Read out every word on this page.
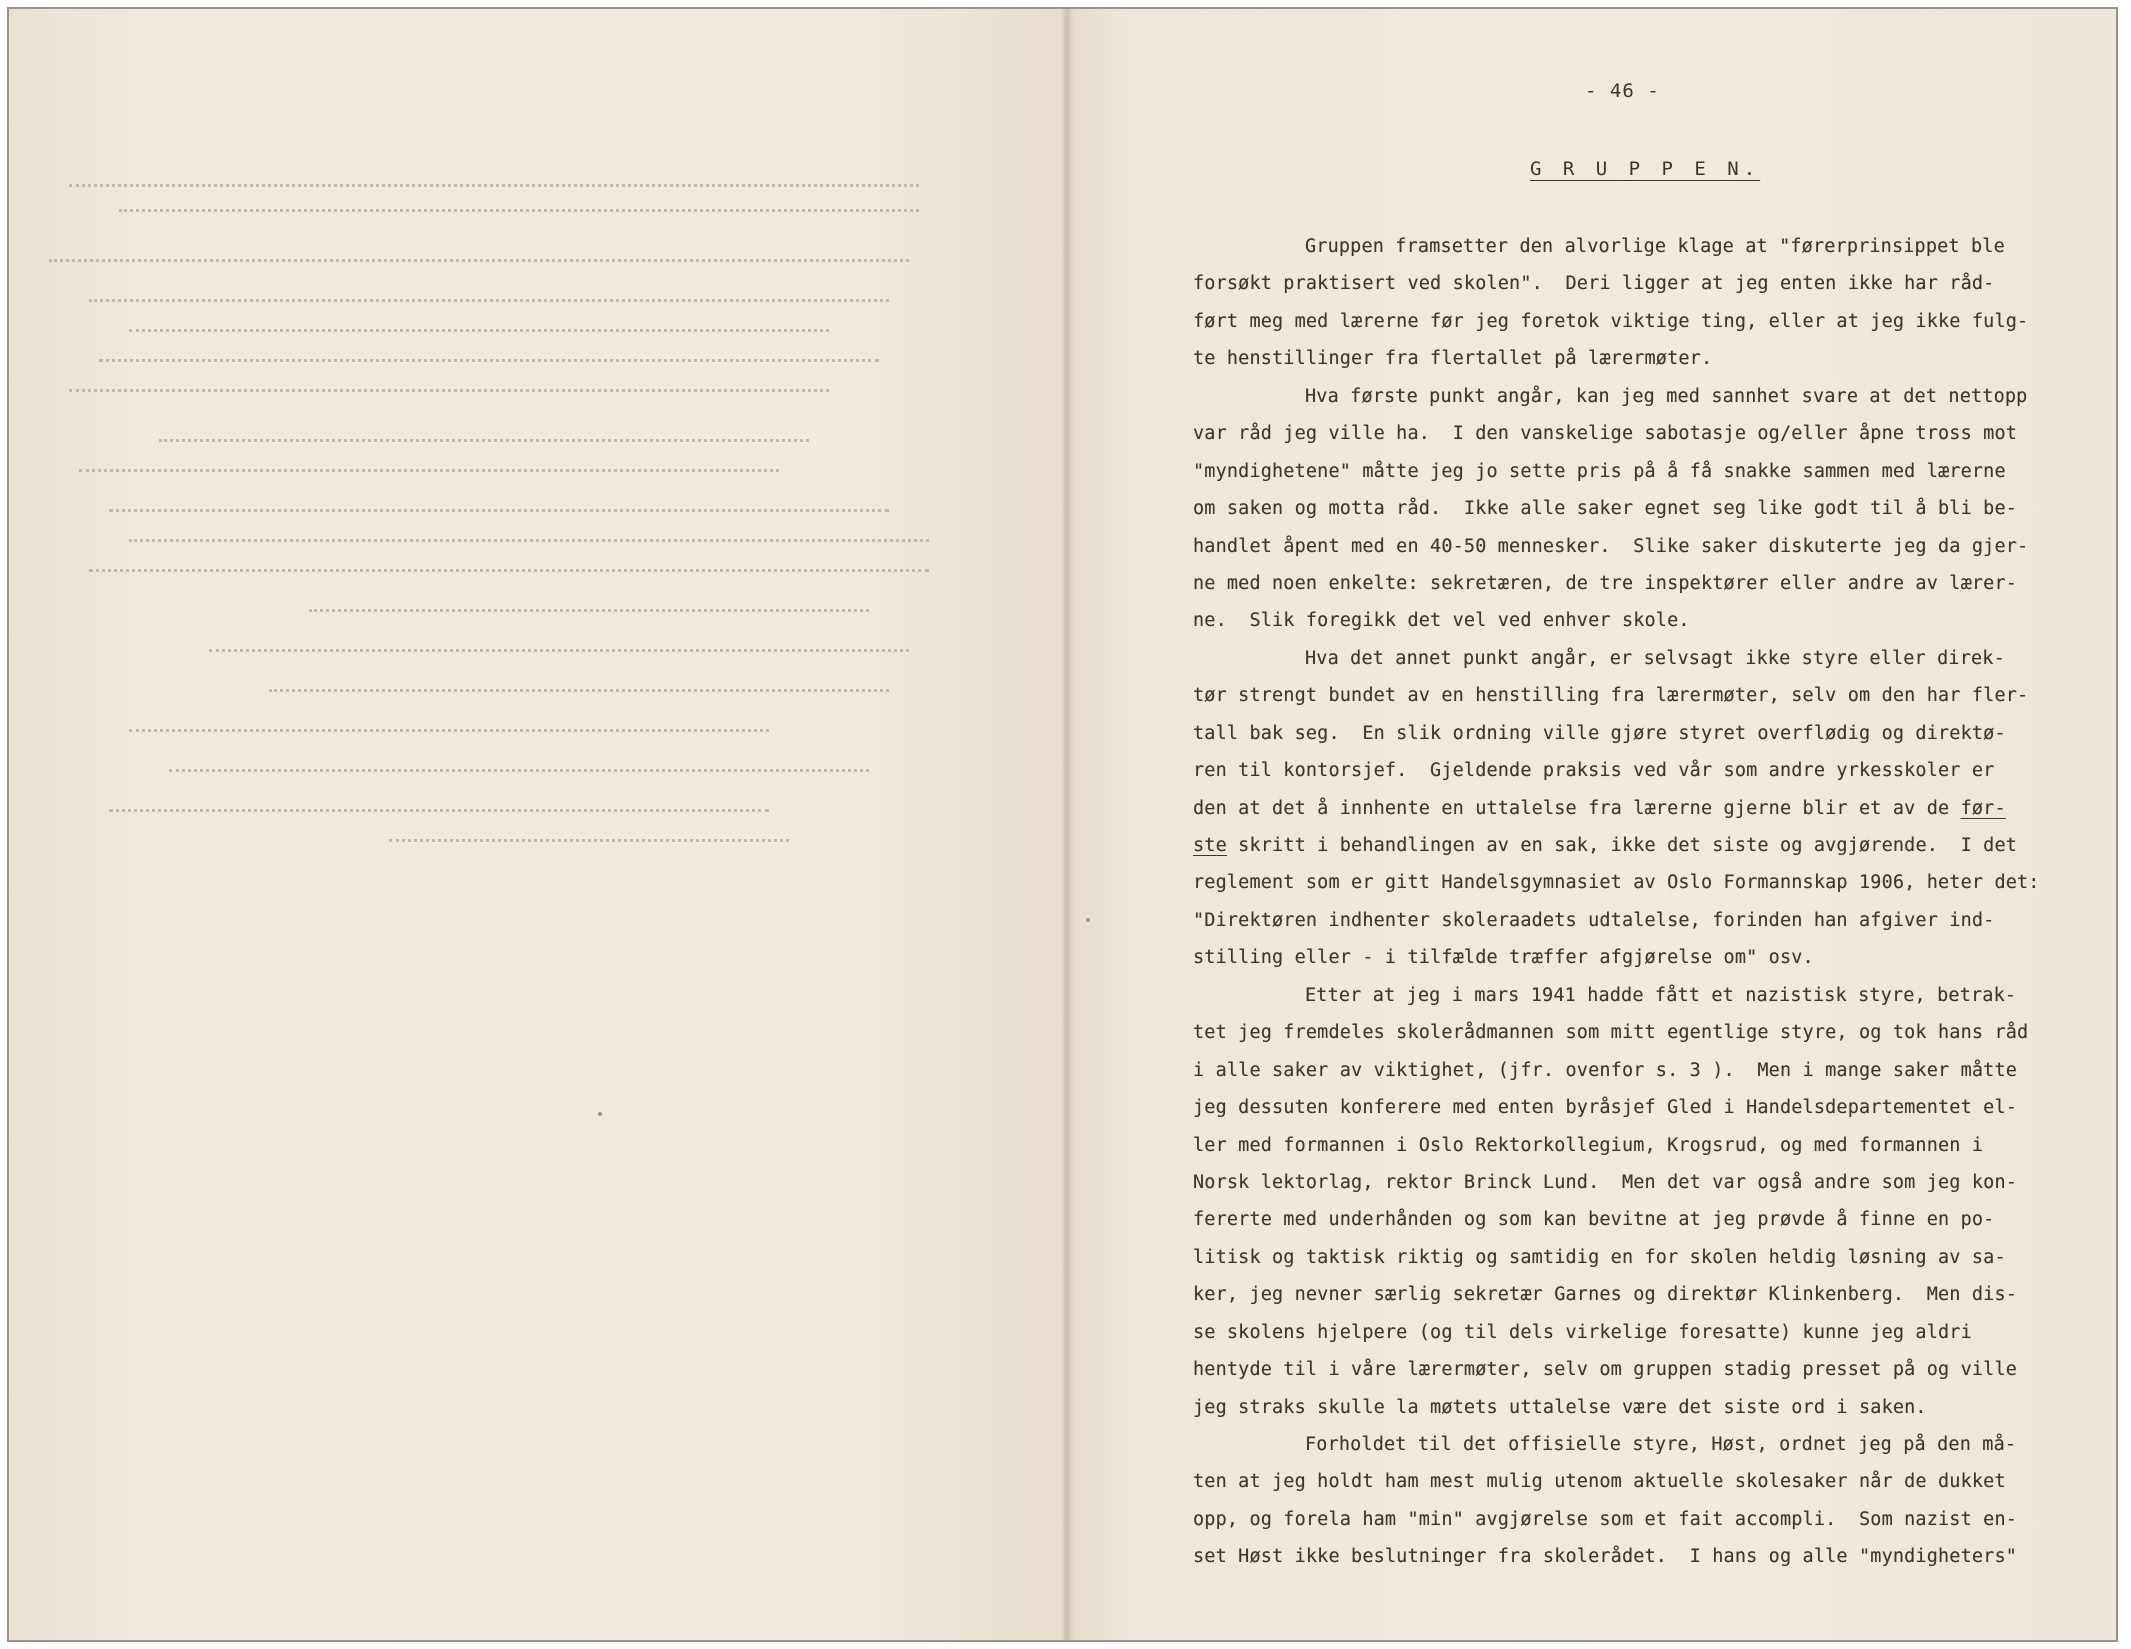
- 46 -
G R U P P E N.
Gruppen framsetter den alvorlige klage at "førerprinsippet ble
forsøkt praktisert ved skolen".  Deri ligger at jeg enten ikke har råd-
ført meg med lærerne før jeg foretok viktige ting, eller at jeg ikke fulg-
te henstillinger fra flertallet på lærermøter.
Hva første punkt angår, kan jeg med sannhet svare at det nettopp
var råd jeg ville ha.  I den vanskelige sabotasje og/eller åpne tross mot
"myndighetene" måtte jeg jo sette pris på å få snakke sammen med lærerne
om saken og motta råd.  Ikke alle saker egnet seg like godt til å bli be-
handlet åpent med en 40-50 mennesker.  Slike saker diskuterte jeg da gjer-
ne med noen enkelte: sekretæren, de tre inspektører eller andre av lærer-
ne.  Slik foregikk det vel ved enhver skole.
Hva det annet punkt angår, er selvsagt ikke styre eller direk-
tør strengt bundet av en henstilling fra lærermøter, selv om den har fler-
tall bak seg.  En slik ordning ville gjøre styret overflødig og direktø-
ren til kontorsjef.  Gjeldende praksis ved vår som andre yrkesskoler er
den at det å innhente en uttalelse fra lærerne gjerne blir et av de før-
ste skritt i behandlingen av en sak, ikke det siste og avgjørende.  I det
reglement som er gitt Handelsgymnasiet av Oslo Formannskap 1906, heter det:
"Direktøren indhenter skoleraadets udtalelse, forinden han afgiver ind-
stilling eller - i tilfælde træffer afgjørelse om" osv.
Etter at jeg i mars 1941 hadde fått et nazistisk styre, betrak-
tet jeg fremdeles skolerådmannen som mitt egentlige styre, og tok hans råd
i alle saker av viktighet, (jfr. ovenfor s. 3 ).  Men i mange saker måtte
jeg dessuten konferere med enten byråsjef Gled i Handelsdepartementet el-
ler med formannen i Oslo Rektorkollegium, Krogsrud, og med formannen i
Norsk lektorlag, rektor Brinck Lund.  Men det var også andre som jeg kon-
fererte med underhånden og som kan bevitne at jeg prøvde å finne en po-
litisk og taktisk riktig og samtidig en for skolen heldig løsning av sa-
ker, jeg nevner særlig sekretær Garnes og direktør Klinkenberg.  Men dis-
se skolens hjelpere (og til dels virkelige foresatte) kunne jeg aldri
hentyde til i våre lærermøter, selv om gruppen stadig presset på og ville
jeg straks skulle la møtets uttalelse være det siste ord i saken.
Forholdet til det offisielle styre, Høst, ordnet jeg på den må-
ten at jeg holdt ham mest mulig utenom aktuelle skolesaker når de dukket
opp, og forela ham "min" avgjørelse som et fait accompli.  Som nazist en-
set Høst ikke beslutninger fra skolerådet.  I hans og alle "myndigheters"
